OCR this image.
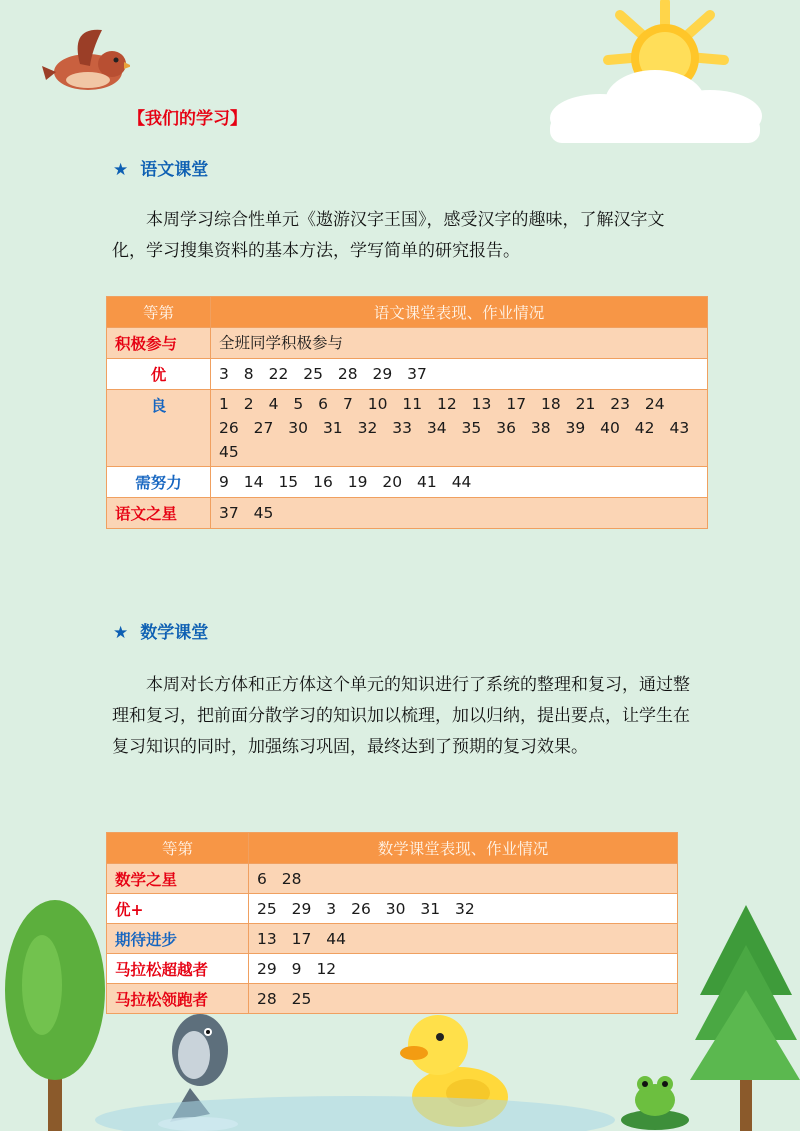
【我们的学习】
★ 语文课堂
本周学习综合性单元《遨游汉字王国》，感受汉字的趣味，了解汉字文化，学习搜集资料的基本方法，学写简单的研究报告。
等第	语文课堂表现、作业情况
积极参与	全班同学积极参与
优	3 8 22 25 28 29 37
良	1 2 4 5 6 7 10 11 12 13 17 18 21 23 24 26 27 30 31 32 33 34 35 36 38 39 40 42 43 45
需努力	9 14 15 16 19 20 41 44
语文之星	37 45
★ 数学课堂
本周对长方体和正方体这个单元的知识进行了系统的整理和复习，通过整理和复习，把前面分散学习的知识加以梳理，加以归纳，提出要点，让学生在复习知识的同时，加强练习巩固，最终达到了预期的复习效果。
等第	数学课堂表现、作业情况
数学之星	6 28
优+	25 29 3 26 30 31 32
期待进步	13 17 44
马拉松超越者	29 9 12
马拉松领跑者	28 25
